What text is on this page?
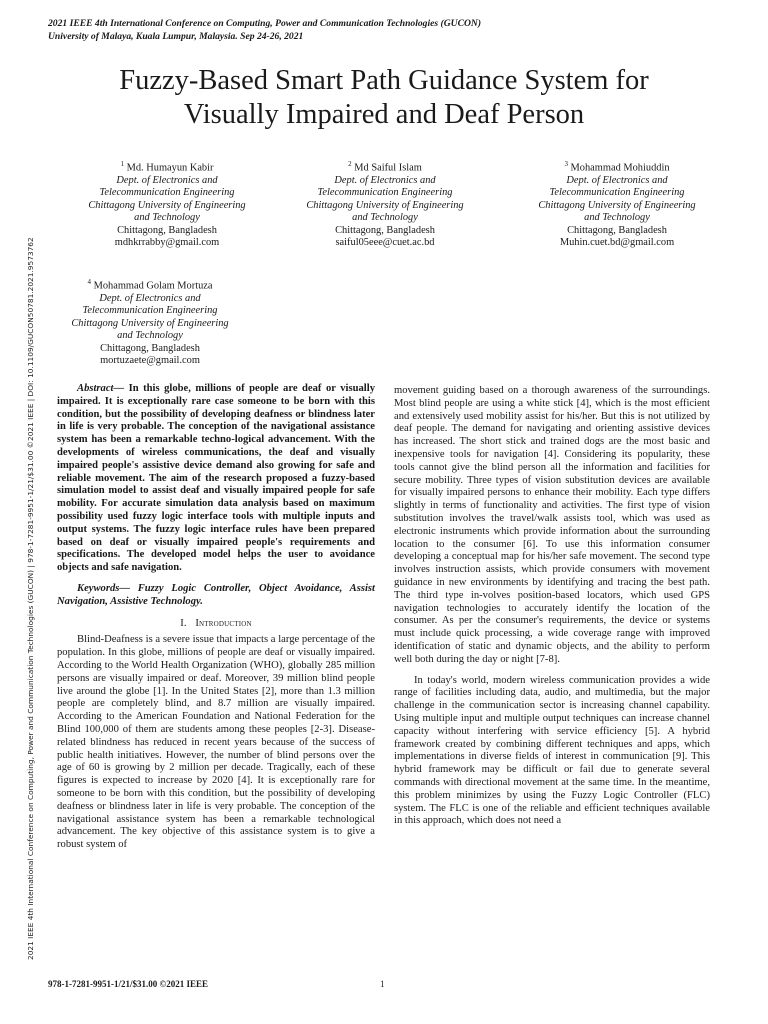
2021 IEEE 4th International Conference on Computing, Power and Communication Technologies (GUCON)
University of Malaya, Kuala Lumpur, Malaysia. Sep 24-26, 2021
Fuzzy-Based Smart Path Guidance System for
Visually Impaired and Deaf Person
$^1$ Md. Humayun Kabir
Dept. of Electronics and
Telecommunication Engineering
Chittagong University of Engineering
and Technology
Chittagong, Bangladesh
mdhkrrabby@gmail.com
$^2$ Md Saiful Islam
Dept. of Electronics and
Telecommunication Engineering
Chittagong University of Engineering
and Technology
Chittagong, Bangladesh
saiful05eee@cuet.ac.bd
$^3$ Mohammad Mohiuddin
Dept. of Electronics and
Telecommunication Engineering
Chittagong University of Engineering
and Technology
Chittagong, Bangladesh
Muhin.cuet.bd@gmail.com
$^4$ Mohammad Golam Mortuza
Dept. of Electronics and
Telecommunication Engineering
Chittagong University of Engineering
and Technology
Chittagong, Bangladesh
mortuzaete@gmail.com
2021 IEEE 4th International Conference on Computing, Power and Communication Technologies (GUCON) | 978-1-7281-9951-1/21/$31.00 ©2021 IEEE | DOI: 10.1109/GUCON50781.2021.9573762	Abstract— In this globe, millions of people are deaf or visually impaired. It is exceptionally rare case someone to be born with this condition, but the possibility of developing deafness or blindness later in life is very probable. The conception of the navigational assistance system has been a remarkable techno-logical advancement. With the developments of wireless communications, the deaf and visually impaired people's assistive device demand also growing for safe and reliable movement. The aim of the research proposed a fuzzy-based simulation model to assist deaf and visually impaired people for safe mobility. For accurate simulation data analysis based on maximum possibility used fuzzy logic interface tools with multiple inputs and output systems. The fuzzy logic interface rules have been prepared based on deaf or visually impaired people's requirements and specifications. The developed model helps the user to avoidance objects and safe navigation.

Keywords— Fuzzy Logic Controller, Object Avoidance, Assist Navigation, Assistive Technology.

I. Introduction

Blind-Deafness is a severe issue that impacts a large percentage of the population. In this globe, millions of people are deaf or visually impaired. According to the World Health Organization (WHO), globally 285 million persons are visually impaired or deaf. Moreover, 39 million blind people live around the globe [1]. In the United States [2], more than 1.3 million people are completely blind, and 8.7 million are visually impaired. According to the American Foundation and National Federation for the Blind 100,000 of them are students among these peoples [2-3]. Disease-related blindness has reduced in recent years because of the success of public health initiatives. However, the number of blind persons over the age of 60 is growing by 2 million per decade. Tragically, each of these figures is expected to increase by 2020 [4]. It is exceptionally rare for someone to be born with this condition, but the possibility of developing deafness or blindness later in life is very probable. The conception of the navigational assistance system has been a remarkable technological advancement. The key objective of this assistance system is to give a robust system of

movement guiding based on a thorough awareness of the surroundings. Most blind people are using a white stick [4], which is the most efficient and extensively used mobility assist for his/her. But this is not utilized by deaf people. The demand for navigating and orienting assistive devices has increased. The short stick and trained dogs are the most basic and inexpensive tools for navigation [4]. Considering its popularity, these tools cannot give the blind person all the information and facilities for secure mobility. Three types of vision substitution devices are available for visually impaired persons to enhance their mobility. Each type differs slightly in terms of functionality and activities. The first type of vision substitution involves the travel/walk assists tool, which was used as electronic instruments which provide information about the surrounding location to the consumer [6]. To use this information consumer developing a conceptual map for his/her safe movement. The second type involves instruction assists, which provide consumers with movement guidance in new environments by identifying and tracing the best path. The third type in-volves position-based locators, which used GPS navigation technologies to accurately identify the location of the consumer. As per the consumer's requirements, the device or systems must include quick processing, a wide coverage range with improved identification of static and dynamic objects, and the ability to perform well both during the day or night [7-8].

In today's world, modern wireless communication provides a wide range of facilities including data, audio, and multimedia, but the major challenge in the communication sector is increasing channel capability. Using multiple input and multiple output techniques can increase channel capacity without interfering with service efficiency [5]. A hybrid framework created by combining different techniques and apps, which implementations in diverse fields of interest in communication [9]. This hybrid framework may be difficult or fail due to generate several commands with directional movement at the same time. In the meantime, this problem minimizes by using the Fuzzy Logic Controller (FLC) system. The FLC is one of the reliable and efficient techniques available in this approach, which does not need a

978-1-7281-9951-1/21/$31.00 ©2021 IEEE	1
